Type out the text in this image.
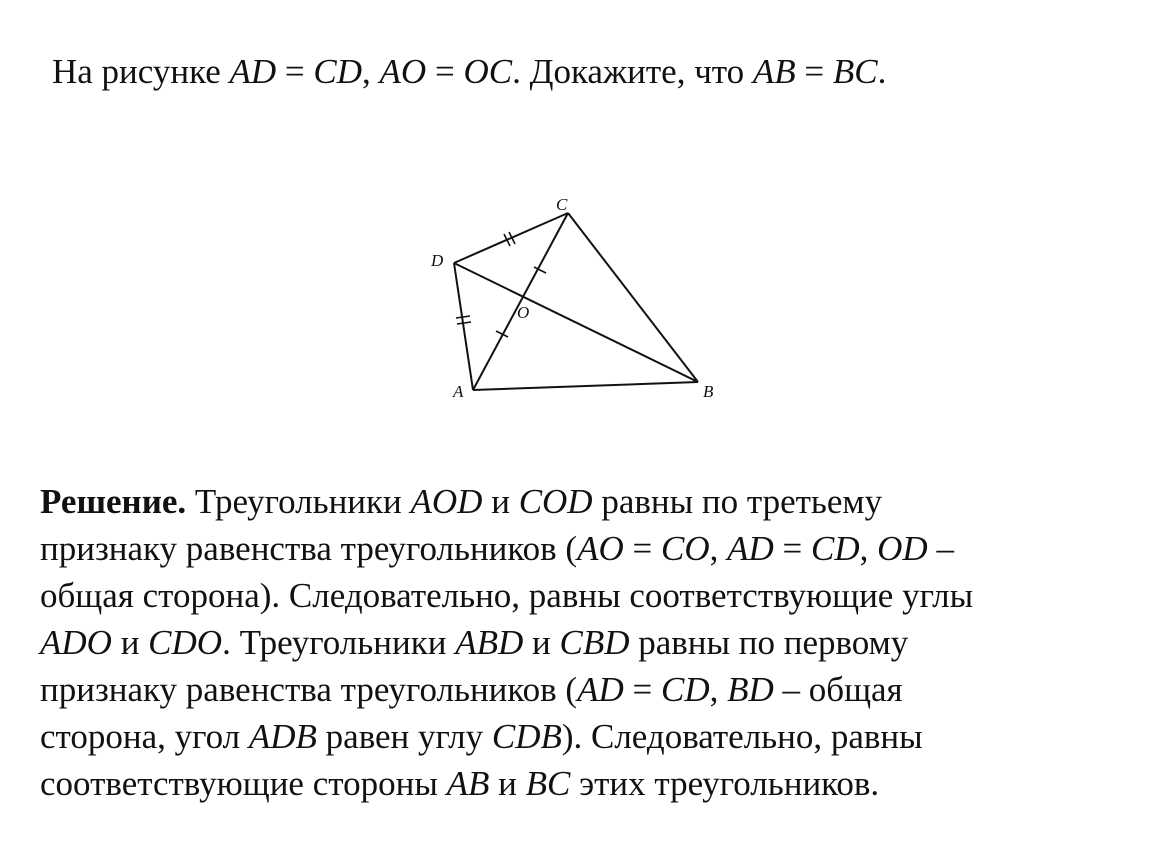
На рисунке AD = CD, AO = OC. Докажите, что AB = BC.
C
D
O
A	B
Решение. Треугольники AOD и COD равны по третьему
признаку равенства треугольников (AO = CO, AD = CD, OD –
общая сторона). Следовательно, равны соответствующие углы
ADO и CDO. Треугольники ABD и CBD равны по первому
признаку равенства треугольников (AD = CD, BD – общая
сторона, угол ADB равен углу CDB). Следовательно, равны
соответствующие стороны AB и BC этих треугольников.
